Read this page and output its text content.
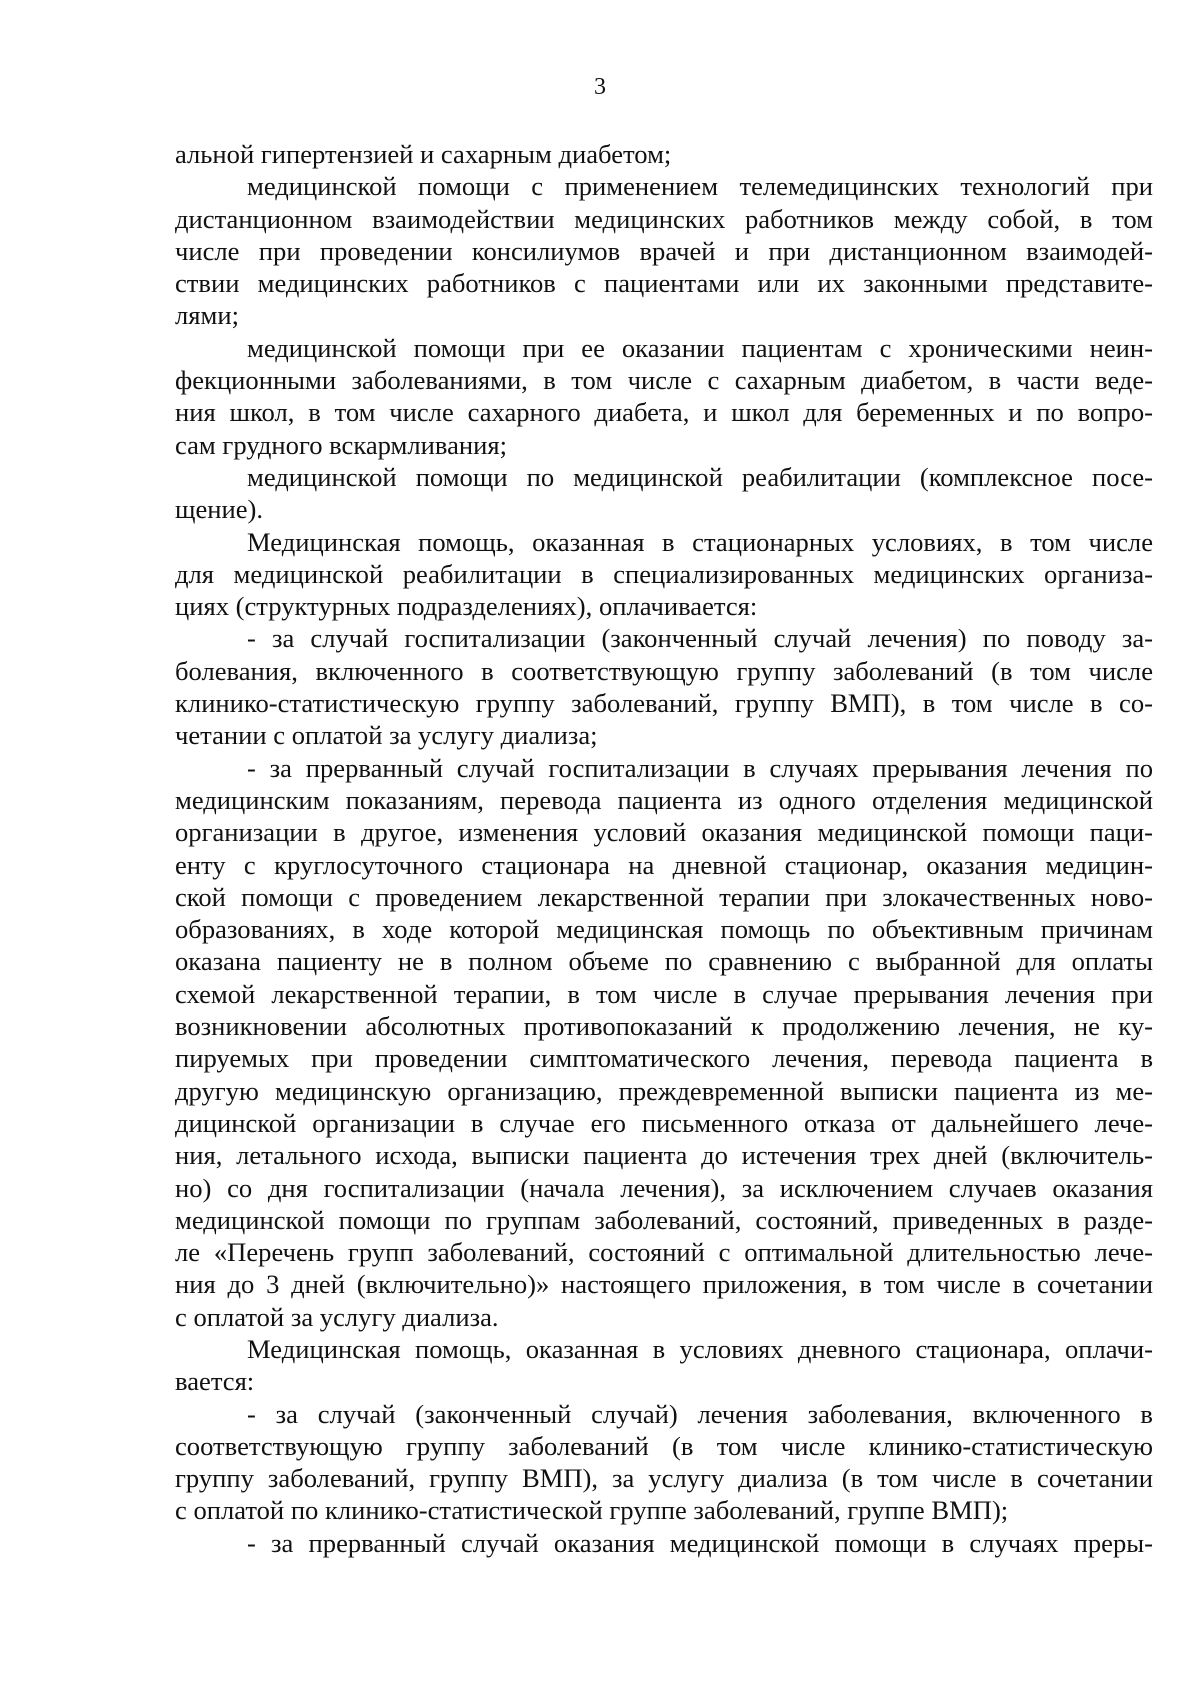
3
альной гипертензией и сахарным диабетом;
медицинской помощи с применением телемедицинских технологий при
дистанционном взаимодействии медицинских работников между собой, в том
числе при проведении консилиумов врачей и при дистанционном взаимодей-
ствии медицинских работников с пациентами или их законными представите-
лями;
медицинской помощи при ее оказании пациентам с хроническими неин-
фекционными заболеваниями, в том числе с сахарным диабетом, в части веде-
ния школ, в том числе сахарного диабета, и школ для беременных и по вопро-
сам грудного вскармливания;
медицинской помощи по медицинской реабилитации (комплексное посе-
щение).
Медицинская помощь, оказанная в стационарных условиях, в том числе
для медицинской реабилитации в специализированных медицинских организа-
циях (структурных подразделениях), оплачивается:
- за случай госпитализации (законченный случай лечения) по поводу за-
болевания, включенного в соответствующую группу заболеваний (в том числе
клинико-статистическую группу заболеваний, группу ВМП), в том числе в со-
четании с оплатой за услугу диализа;
- за прерванный случай госпитализации в случаях прерывания лечения по
медицинским показаниям, перевода пациента из одного отделения медицинской
организации в другое, изменения условий оказания медицинской помощи паци-
енту с круглосуточного стационара на дневной стационар, оказания медицин-
ской помощи с проведением лекарственной терапии при злокачественных ново-
образованиях, в ходе которой медицинская помощь по объективным причинам
оказана пациенту не в полном объеме по сравнению с выбранной для оплаты
схемой лекарственной терапии, в том числе в случае прерывания лечения при
возникновении абсолютных противопоказаний к продолжению лечения, не ку-
пируемых при проведении симптоматического лечения, перевода пациента в
другую медицинскую организацию, преждевременной выписки пациента из ме-
дицинской организации в случае его письменного отказа от дальнейшего лече-
ния, летального исхода, выписки пациента до истечения трех дней (включитель-
но) со дня госпитализации (начала лечения), за исключением случаев оказания
медицинской помощи по группам заболеваний, состояний, приведенных в разде-
ле «Перечень групп заболеваний, состояний с оптимальной длительностью лече-
ния до 3 дней (включительно)» настоящего приложения, в том числе в сочетании
с оплатой за услугу диализа.
Медицинская помощь, оказанная в условиях дневного стационара, оплачи-
вается:
- за случай (законченный случай) лечения заболевания, включенного в
соответствующую группу заболеваний (в том числе клинико-статистическую
группу заболеваний, группу ВМП), за услугу диализа (в том числе в сочетании
с оплатой по клинико-статистической группе заболеваний, группе ВМП);
- за прерванный случай оказания медицинской помощи в случаях преры-
